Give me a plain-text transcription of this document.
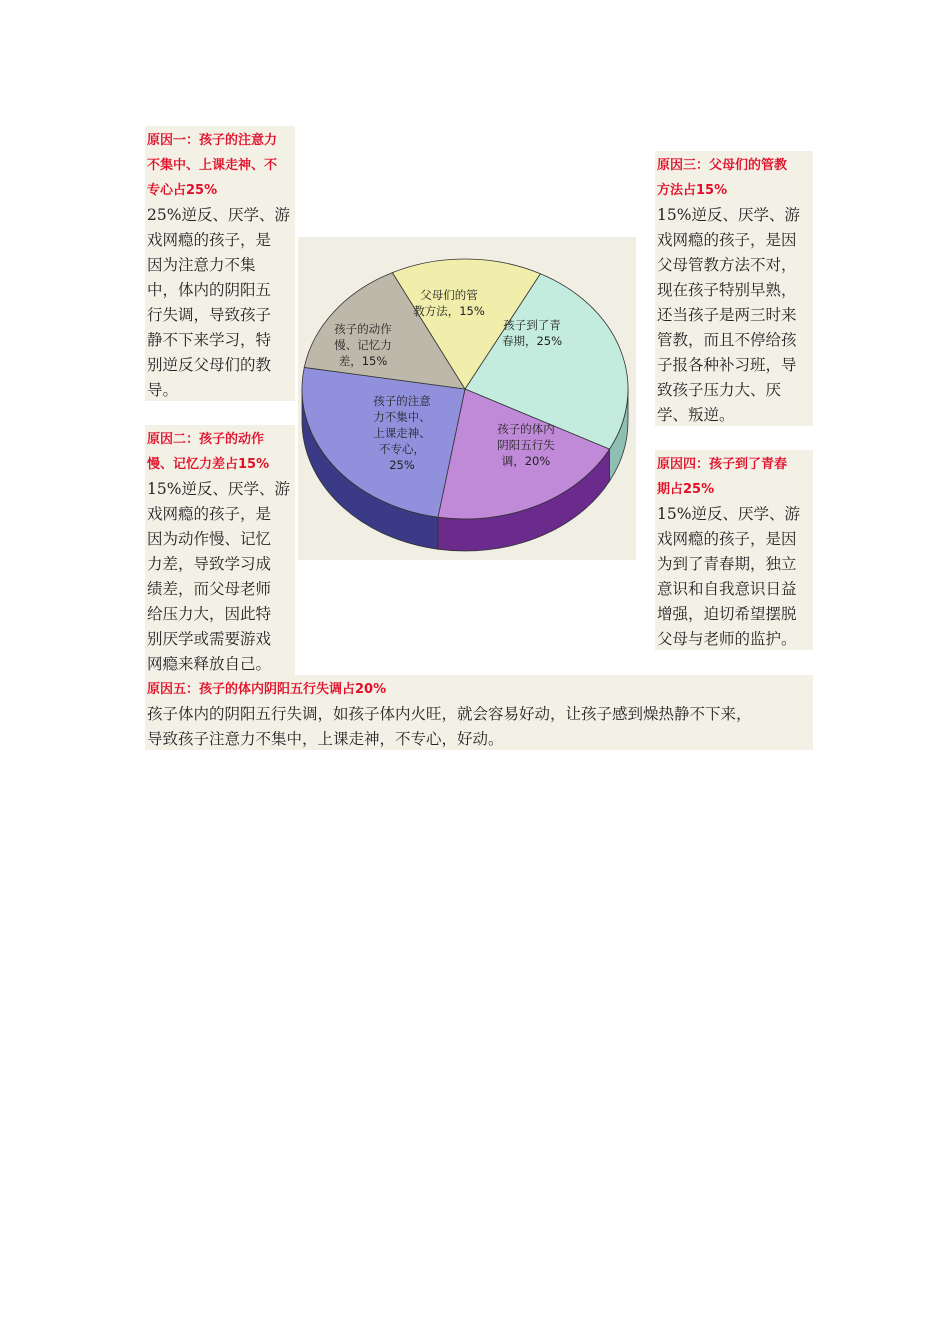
原因一：孩子的注意力
不集中、上课走神、不
专心占25%
25%逆反、厌学、游
戏网瘾的孩子，是
因为注意力不集
中，体内的阴阳五
行失调，导致孩子
静不下来学习，特
别逆反父母们的教
导。
原因二：孩子的动作
慢、记忆力差占15%
15%逆反、厌学、游
戏网瘾的孩子，是
因为动作慢、记忆
力差，导致学习成
绩差，而父母老师
给压力大，因此特
别厌学或需要游戏
网瘾来释放自己。
原因三：父母们的管教
方法占15%
15%逆反、厌学、游
戏网瘾的孩子，是因
父母管教方法不对，
现在孩子特别早熟，
还当孩子是两三时来
管教，而且不停给孩
子报各种补习班，导
致孩子压力大、厌
学、叛逆。
原因四：孩子到了青春
期占25%
15%逆反、厌学、游
戏网瘾的孩子，是因
为到了青春期，独立
意识和自我意识日益
增强，迫切希望摆脱
父母与老师的监护。
原因五：孩子的体内阴阳五行失调占20%
孩子体内的阴阳五行失调，如孩子体内火旺，就会容易好动，让孩子感到燥热静不下来，
导致孩子注意力不集中，上课走神，不专心，好动。
孩子到了青春期，25%
孩子的体内阴阳五行失调，20%
孩子的注意力不集中、上课走神、不专心， 25%
孩子的动作慢、记忆力差，15%
父母们的管教方法，15%
